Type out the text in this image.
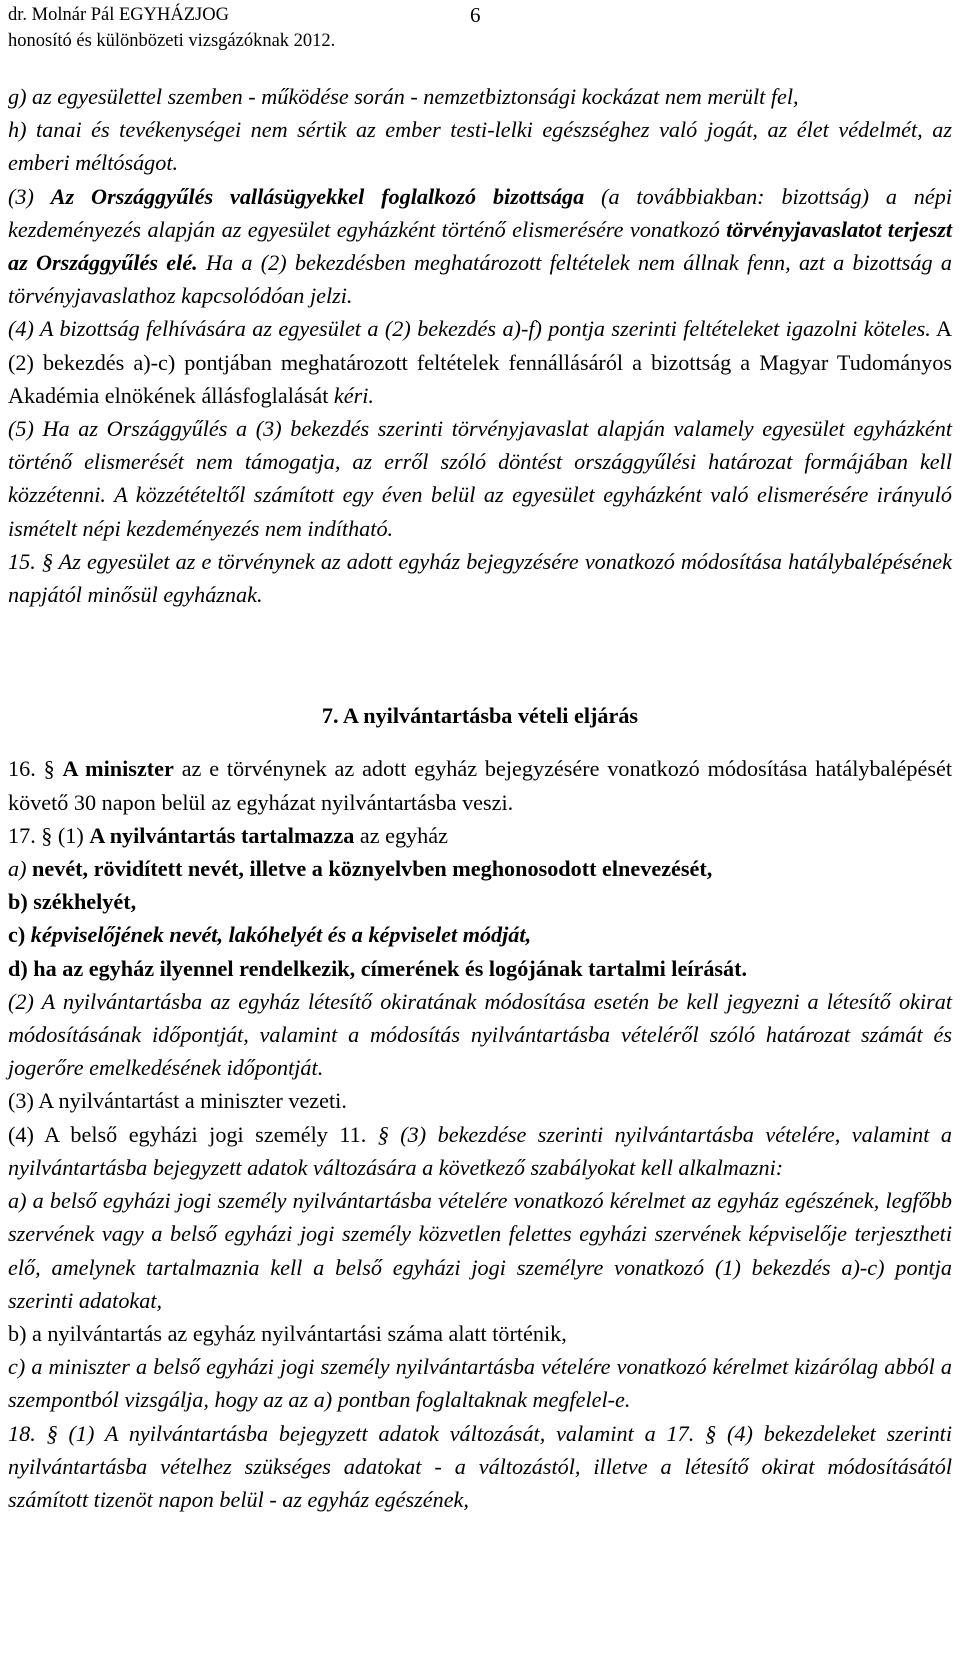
dr. Molnár Pál EGYHÁZJOG
honosító és különbözeti vizsgázóknak 2012.
6

g) az egyesülettel szemben - működése során - nemzetbiztonsági kockázat nem merült fel,

h) tanai és tevékenységei nem sértik az ember testi-lelki egészséghez való jogát, az élet védelmét, az emberi méltóságot.

(3) Az Országgyűlés vallásügyekkel foglalkozó bizottsága (a továbbiakban: bizottság) a népi kezdeményezés alapján az egyesület egyházként történő elismerésére vonatkozó törvényjavaslatot terjeszt az Országgyűlés elé. Ha a (2) bekezdésben meghatározott feltételek nem állnak fenn, azt a bizottság a törvényjavaslathoz kapcsolódóan jelzi.

(4) A bizottság felhívására az egyesület a (2) bekezdés a)-f) pontja szerinti feltételeket igazolni köteles. A (2) bekezdés a)-c) pontjában meghatározott feltételek fennállásáról a bizottság a Magyar Tudományos Akadémia elnökének állásfoglalását kéri.

(5) Ha az Országgyűlés a (3) bekezdés szerinti törvényjavaslat alapján valamely egyesület egyházként történő elismerését nem támogatja, az erről szóló döntést országgyűlési határozat formájában kell közzétenni. A közzétételtől számított egy éven belül az egyesület egyházként való elismerésére irányuló ismételt népi kezdeményezés nem indítható.

15. § Az egyesület az e törvénynek az adott egyház bejegyzésére vonatkozó módosítása hatálybalépésének napjától minősül egyháznak.

7. A nyilvántartásba vételi eljárás

16. § A miniszter az e törvénynek az adott egyház bejegyzésére vonatkozó módosítása hatálybalépését követő 30 napon belül az egyházat nyilvántartásba veszi.

17. § (1) A nyilvántartás tartalmazza az egyház

a) nevét, rövidített nevét, illetve a köznyelvben meghonosodott elnevezését,

b) székhelyét,

c) képviselőjének nevét, lakóhelyét és a képviselet módját,

d) ha az egyház ilyennel rendelkezik, címerének és logójának tartalmi leírását.

(2) A nyilvántartásba az egyház létesítő okiratának módosítása esetén be kell jegyezni a létesítő okirat módosításának időpontját, valamint a módosítás nyilvántartásba vételéről szóló határozat számát és jogerőre emelkedésének időpontját.

(3) A nyilvántartást a miniszter vezeti.

(4) A belső egyházi jogi személy 11. § (3) bekezdése szerinti nyilvántartásba vételére, valamint a nyilvántartásba bejegyzett adatok változására a következő szabályokat kell alkalmazni:

a) a belső egyházi jogi személy nyilvántartásba vételére vonatkozó kérelmet az egyház egészének, legfőbb szervének vagy a belső egyházi jogi személy közvetlen felettes egyházi szervének képviselője terjesztheti elő, amelynek tartalmaznia kell a belső egyházi jogi személyre vonatkozó (1) bekezdés a)-c) pontja szerinti adatokat,

b) a nyilvántartás az egyház nyilvántartási száma alatt történik,

c) a miniszter a belső egyházi jogi személy nyilvántartásba vételére vonatkozó kérelmet kizárólag abból a szempontból vizsgálja, hogy az az a) pontban foglaltaknak megfelel-e.

18. § (1) A nyilvántartásba bejegyzett adatok változását, valamint a 17. § (4) bekezdeleket szerinti nyilvántartásba vételhez szükséges adatokat - a változástól, illetve a létesítő okirat módosításától számított tizenöt napon belül - az egyház egészének,
